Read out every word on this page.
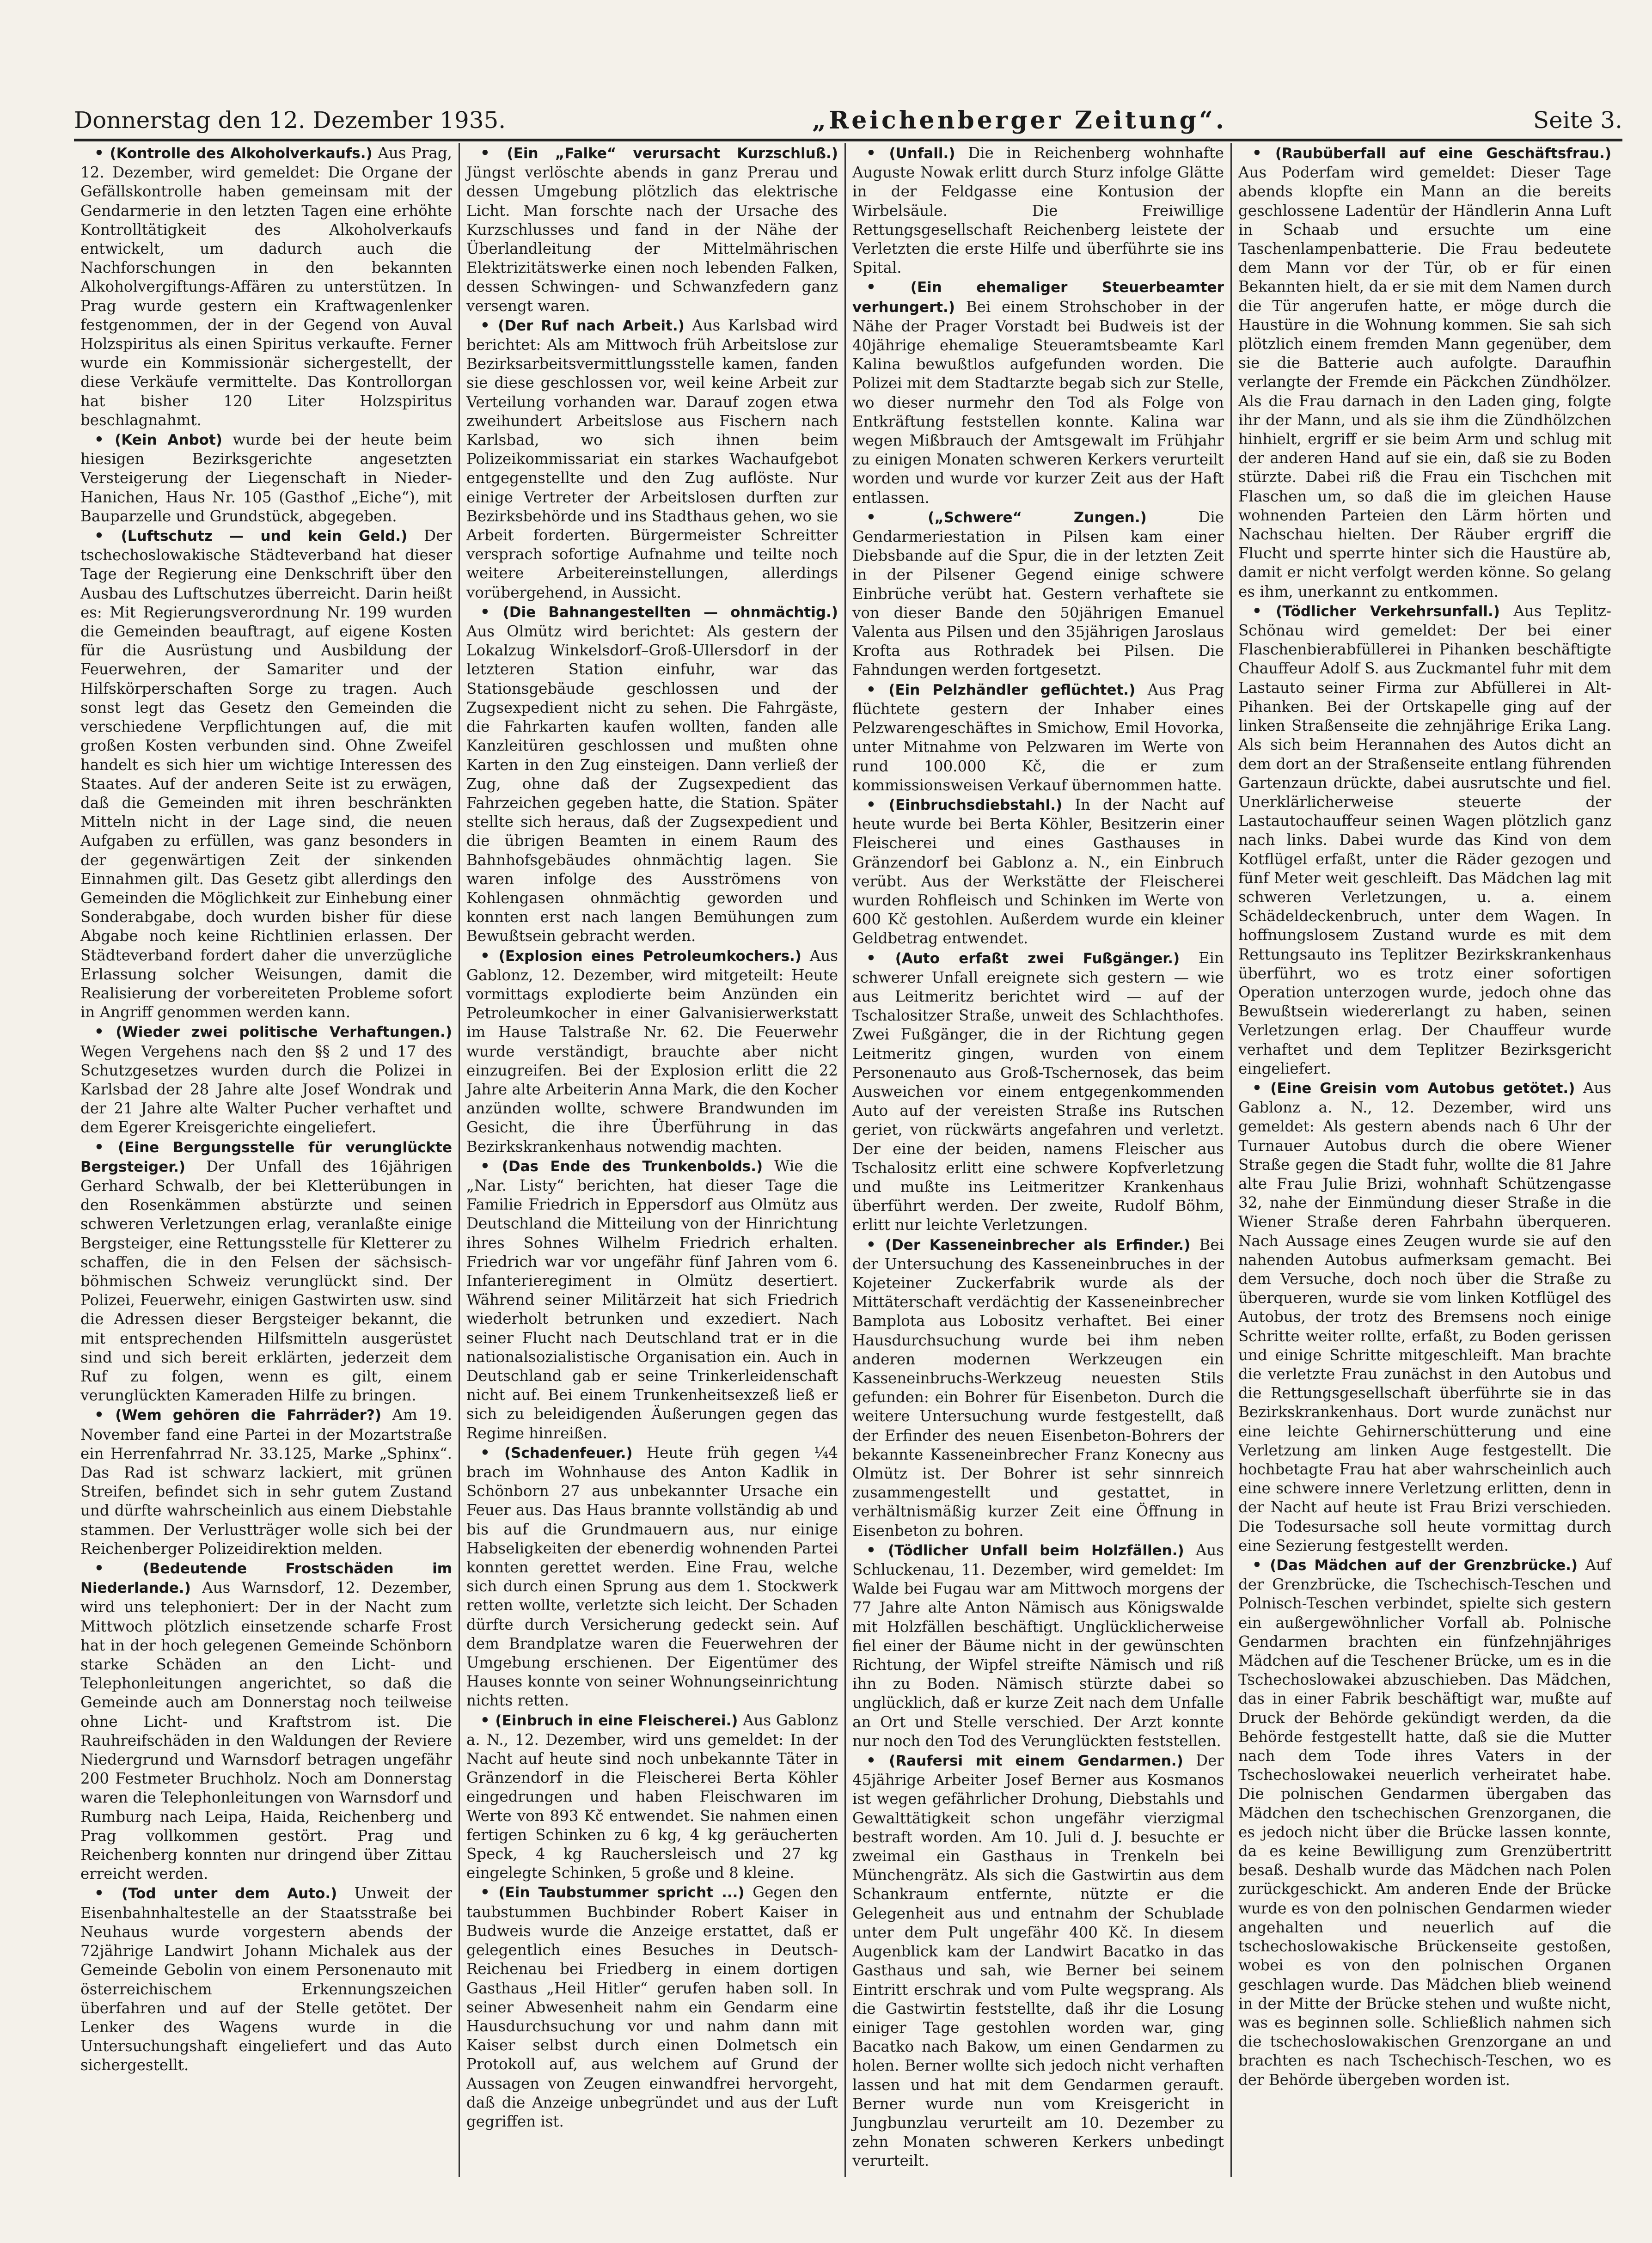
Donnerstag den 12. Dezember 1935.	„Reichenberger Zeitung“.	Seite 3.

• (Kontrolle des Alkoholverkaufs.) Aus Prag, 12. Dezember, wird gemeldet: Die Organe der Gefällskontrolle haben gemeinsam mit der Gendarmerie in den letzten Tagen eine erhöhte Kontrolltätigkeit des Alkoholverkaufs entwickelt, um dadurch auch die Nachforschungen in den bekannten Alkoholvergiftungs-Affären zu unterstützen. In Prag wurde gestern ein Kraftwagenlenker festgenommen, der in der Gegend von Auval Holzspiritus als einen Spiritus verkaufte. Ferner wurde ein Kommissionär sichergestellt, der diese Verkäufe vermittelte. Das Kontrollorgan hat bisher 120 Liter Holzspiritus beschlagnahmt.

• (Kein Anbot) wurde bei der heute beim hiesigen Bezirksgerichte angesetzten Versteigerung der Liegenschaft in Nieder-Hanichen, Haus Nr. 105 (Gasthof „Eiche“), mit Bauparzelle und Grundstück, abgegeben.

• (Luftschutz — und kein Geld.) Der tschechoslowakische Städteverband hat dieser Tage der Regierung eine Denkschrift über den Ausbau des Luftschutzes überreicht. Darin heißt es: Mit Regierungsverordnung Nr. 199 wurden die Gemeinden beauftragt, auf eigene Kosten für die Ausrüstung und Ausbildung der Feuerwehren, der Samariter und der Hilfskörperschaften Sorge zu tragen. Auch sonst legt das Gesetz den Gemeinden die verschiedene Verpflichtungen auf, die mit großen Kosten verbunden sind. Ohne Zweifel handelt es sich hier um wichtige Interessen des Staates. Auf der anderen Seite ist zu erwägen, daß die Gemeinden mit ihren beschränkten Mitteln nicht in der Lage sind, die neuen Aufgaben zu erfüllen, was ganz besonders in der gegenwärtigen Zeit der sinkenden Einnahmen gilt. Das Gesetz gibt allerdings den Gemeinden die Möglichkeit zur Einhebung einer Sonderabgabe, doch wurden bisher für diese Abgabe noch keine Richtlinien erlassen. Der Städteverband fordert daher die unverzügliche Erlassung solcher Weisungen, damit die Realisierung der vorbereiteten Probleme sofort in Angriff genommen werden kann.

• (Wieder zwei politische Verhaftungen.) Wegen Vergehens nach den §§ 2 und 17 des Schutzgesetzes wurden durch die Polizei in Karlsbad der 28 Jahre alte Josef Wondrak und der 21 Jahre alte Walter Pucher verhaftet und dem Egerer Kreisgerichte eingeliefert.

• (Eine Bergungsstelle für verunglückte Bergsteiger.) Der Unfall des 16jährigen Gerhard Schwalb, der bei Kletterübungen in den Rosenkämmen abstürzte und seinen schweren Verletzungen erlag, veranlaßte einige Bergsteiger, eine Rettungsstelle für Kletterer zu schaffen, die in den Felsen der sächsisch-böhmischen Schweiz verunglückt sind. Der Polizei, Feuerwehr, einigen Gastwirten usw. sind die Adressen dieser Bergsteiger bekannt, die mit entsprechenden Hilfsmitteln ausgerüstet sind und sich bereit erklärten, jederzeit dem Ruf zu folgen, wenn es gilt, einem verunglückten Kameraden Hilfe zu bringen.

• (Wem gehören die Fahrräder?) Am 19. November fand eine Partei in der Mozartstraße ein Herrenfahrrad Nr. 33.125, Marke „Sphinx“. Das Rad ist schwarz lackiert, mit grünen Streifen, befindet sich in sehr gutem Zustand und dürfte wahrscheinlich aus einem Diebstahle stammen. Der Verlustträger wolle sich bei der Reichenberger Polizeidirektion melden.

• (Bedeutende Frostschäden im Niederlande.) Aus Warnsdorf, 12. Dezember, wird uns telephoniert: Der in der Nacht zum Mittwoch plötzlich einsetzende scharfe Frost hat in der hoch gelegenen Gemeinde Schönborn starke Schäden an den Licht- und Telephonleitungen angerichtet, so daß die Gemeinde auch am Donnerstag noch teilweise ohne Licht- und Kraftstrom ist. Die Rauhreifschäden in den Waldungen der Reviere Niedergrund und Warnsdorf betragen ungefähr 200 Festmeter Bruchholz. Noch am Donnerstag waren die Telephonleitungen von Warnsdorf und Rumburg nach Leipa, Haida, Reichenberg und Prag vollkommen gestört. Prag und Reichenberg konnten nur dringend über Zittau erreicht werden.

• (Tod unter dem Auto.) Unweit der Eisenbahnhaltestelle an der Staatsstraße bei Neuhaus wurde vorgestern abends der 72jährige Landwirt Johann Michalek aus der Gemeinde Gebolin von einem Personenauto mit österreichischem Erkennungszeichen überfahren und auf der Stelle getötet. Der Lenker des Wagens wurde in die Untersuchungshaft eingeliefert und das Auto sichergestellt.

• (Ein „Falke“ verursacht Kurzschluß.) Jüngst verlöschte abends in ganz Prerau und dessen Umgebung plötzlich das elektrische Licht. Man forschte nach der Ursache des Kurzschlusses und fand in der Nähe der Überlandleitung der Mittelmährischen Elektrizitätswerke einen noch lebenden Falken, dessen Schwingen- und Schwanzfedern ganz versengt waren.

• (Der Ruf nach Arbeit.) Aus Karlsbad wird berichtet: Als am Mittwoch früh Arbeitslose zur Bezirksarbeitsvermittlungsstelle kamen, fanden sie diese geschlossen vor, weil keine Arbeit zur Verteilung vorhanden war. Darauf zogen etwa zweihundert Arbeitslose aus Fischern nach Karlsbad, wo sich ihnen beim Polizeikommissariat ein starkes Wachaufgebot entgegenstellte und den Zug auflöste. Nur einige Vertreter der Arbeitslosen durften zur Bezirksbehörde und ins Stadthaus gehen, wo sie Arbeit forderten. Bürgermeister Schreitter versprach sofortige Aufnahme und teilte noch weitere Arbeitereinstellungen, allerdings vorübergehend, in Aussicht.

• (Die Bahnangestellten — ohnmächtig.) Aus Olmütz wird berichtet: Als gestern der Lokalzug Winkelsdorf–Groß-Ullersdorf in der letzteren Station einfuhr, war das Stationsgebäude geschlossen und der Zugsexpedient nicht zu sehen. Die Fahrgäste, die Fahrkarten kaufen wollten, fanden alle Kanzleitüren geschlossen und mußten ohne Karten in den Zug einsteigen. Dann verließ der Zug, ohne daß der Zugsexpedient das Fahrzeichen gegeben hatte, die Station. Später stellte sich heraus, daß der Zugsexpedient und die übrigen Beamten in einem Raum des Bahnhofsgebäudes ohnmächtig lagen. Sie waren infolge des Ausströmens von Kohlengasen ohnmächtig geworden und konnten erst nach langen Bemühungen zum Bewußtsein gebracht werden.

• (Explosion eines Petroleumkochers.) Aus Gablonz, 12. Dezember, wird mitgeteilt: Heute vormittags explodierte beim Anzünden ein Petroleumkocher in einer Galvanisierwerkstatt im Hause Talstraße Nr. 62. Die Feuerwehr wurde verständigt, brauchte aber nicht einzugreifen. Bei der Explosion erlitt die 22 Jahre alte Arbeiterin Anna Mark, die den Kocher anzünden wollte, schwere Brandwunden im Gesicht, die ihre Überführung in das Bezirkskrankenhaus notwendig machten.

• (Das Ende des Trunkenbolds.) Wie die „Nar. Listy“ berichten, hat dieser Tage die Familie Friedrich in Eppersdorf aus Olmütz aus Deutschland die Mitteilung von der Hinrichtung ihres Sohnes Wilhelm Friedrich erhalten. Friedrich war vor ungefähr fünf Jahren vom 6. Infanterieregiment in Olmütz desertiert. Während seiner Militärzeit hat sich Friedrich wiederholt betrunken und exzediert. Nach seiner Flucht nach Deutschland trat er in die nationalsozialistische Organisation ein. Auch in Deutschland gab er seine Trinkerleidenschaft nicht auf. Bei einem Trunkenheitsexzeß ließ er sich zu beleidigenden Äußerungen gegen das Regime hinreißen.

• (Schadenfeuer.) Heute früh gegen ¼4 brach im Wohnhause des Anton Kadlik in Schönborn 27 aus unbekannter Ursache ein Feuer aus. Das Haus brannte vollständig ab und bis auf die Grundmauern aus, nur einige Habseligkeiten der ebenerdig wohnenden Partei konnten gerettet werden. Eine Frau, welche sich durch einen Sprung aus dem 1. Stockwerk retten wollte, verletzte sich leicht. Der Schaden dürfte durch Versicherung gedeckt sein. Auf dem Brandplatze waren die Feuerwehren der Umgebung erschienen. Der Eigentümer des Hauses konnte von seiner Wohnungseinrichtung nichts retten.

• (Einbruch in eine Fleischerei.) Aus Gablonz a. N., 12. Dezember, wird uns gemeldet: In der Nacht auf heute sind noch unbekannte Täter in Gränzendorf in die Fleischerei Berta Köhler eingedrungen und haben Fleischwaren im Werte von 893 Kč entwendet. Sie nahmen einen fertigen Schinken zu 6 kg, 4 kg geräucherten Speck, 4 kg Rauchersleisch und 27 kg eingelegte Schinken, 5 große und 8 kleine.

• (Ein Taubstummer spricht ...) Gegen den taubstummen Buchbinder Robert Kaiser in Budweis wurde die Anzeige erstattet, daß er gelegentlich eines Besuches in Deutsch-Reichenau bei Friedberg in einem dortigen Gasthaus „Heil Hitler“ gerufen haben soll. In seiner Abwesenheit nahm ein Gendarm eine Hausdurchsuchung vor und nahm dann mit Kaiser selbst durch einen Dolmetsch ein Protokoll auf, aus welchem auf Grund der Aussagen von Zeugen einwandfrei hervorgeht, daß die Anzeige unbegründet und aus der Luft gegriffen ist.

• (Unfall.) Die in Reichenberg wohnhafte Auguste Nowak erlitt durch Sturz infolge Glätte in der Feldgasse eine Kontusion der Wirbelsäule. Die Freiwillige Rettungsgesellschaft Reichenberg leistete der Verletzten die erste Hilfe und überführte sie ins Spital.

• (Ein ehemaliger Steuerbeamter verhungert.) Bei einem Strohschober in der Nähe der Prager Vorstadt bei Budweis ist der 40jährige ehemalige Steueramtsbeamte Karl Kalina bewußtlos aufgefunden worden. Die Polizei mit dem Stadtarzte begab sich zur Stelle, wo dieser nurmehr den Tod als Folge von Entkräftung feststellen konnte. Kalina war wegen Mißbrauch der Amtsgewalt im Frühjahr zu einigen Monaten schweren Kerkers verurteilt worden und wurde vor kurzer Zeit aus der Haft entlassen.

• („Schwere“ Zungen.)	Die Gendarmeriestation in Pilsen kam einer Diebsbande auf die Spur, die in der letzten Zeit in der Pilsener Gegend einige schwere Einbrüche verübt hat. Gestern verhaftete sie von dieser Bande den 50jährigen Emanuel Valenta aus Pilsen und den 35jährigen Jaroslaus Krofta aus Rothradek bei Pilsen. Die Fahndungen werden fortgesetzt.

• (Ein Pelzhändler geflüchtet.) Aus Prag flüchtete gestern der Inhaber eines Pelzwarengeschäftes in Smichow, Emil Hovorka, unter Mitnahme von Pelzwaren im Werte von rund 100.000 Kč, die er zum kommissionsweisen Verkauf übernommen hatte.

• (Einbruchsdiebstahl.) In der Nacht auf heute wurde bei Berta Köhler, Besitzerin einer Fleischerei und eines Gasthauses in Gränzendorf bei Gablonz a. N., ein Einbruch verübt. Aus der Werkstätte der Fleischerei wurden Rohfleisch und Schinken im Werte von 600 Kč gestohlen. Außerdem wurde ein kleiner Geldbetrag entwendet.

• (Auto erfaßt zwei Fußgänger.) Ein schwerer Unfall ereignete sich gestern — wie aus Leitmeritz berichtet wird — auf der Tschalositzer Straße, unweit des Schlachthofes. Zwei Fußgänger, die in der Richtung gegen Leitmeritz gingen, wurden von einem Personenauto aus Groß-Tschernosek, das beim Ausweichen vor einem entgegenkommenden Auto auf der vereisten Straße ins Rutschen geriet, von rückwärts angefahren und verletzt. Der eine der beiden, namens Fleischer aus Tschalositz erlitt eine schwere Kopfverletzung und mußte ins Leitmeritzer Krankenhaus überführt werden. Der zweite, Rudolf Böhm, erlitt nur leichte Verletzungen.

• (Der Kasseneinbrecher als Erfinder.) Bei der Untersuchung des Kasseneinbruches in der Kojeteiner Zuckerfabrik wurde als der Mittäterschaft verdächtig der Kasseneinbrecher Bamplota aus Lobositz verhaftet. Bei einer Hausdurchsuchung wurde bei ihm neben anderen modernen Werkzeugen ein Kasseneinbruchs-Werkzeug neuesten Stils gefunden: ein Bohrer für Eisenbeton. Durch die weitere Untersuchung wurde festgestellt, daß der Erfinder des neuen Eisenbeton-Bohrers der bekannte Kasseneinbrecher Franz Konecny aus Olmütz ist. Der Bohrer ist sehr sinnreich zusammengestellt und gestattet, in verhältnismäßig kurzer Zeit eine Öffnung in Eisenbeton zu bohren.

• (Tödlicher Unfall beim Holzfällen.) Aus Schluckenau, 11. Dezember, wird gemeldet: Im Walde bei Fugau war am Mittwoch morgens der 77 Jahre alte Anton Nämisch aus Königswalde mit Holzfällen beschäftigt. Unglücklicherweise fiel einer der Bäume nicht in der gewünschten Richtung, der Wipfel streifte Nämisch und riß ihn zu Boden. Nämisch stürzte dabei so unglücklich, daß er kurze Zeit nach dem Unfalle an Ort und Stelle verschied. Der Arzt konnte nur noch den Tod des Verunglückten feststellen.

• (Raufersi mit einem Gendarmen.) Der 45jährige Arbeiter Josef Berner aus Kosmanos ist wegen gefährlicher Drohung, Diebstahls und Gewalttätigkeit schon ungefähr vierzigmal bestraft worden. Am 10. Juli d. J. besuchte er zweimal ein Gasthaus in Trenkeln bei Münchengrätz. Als sich die Gastwirtin aus dem Schankraum entfernte, nützte er die Gelegenheit aus und entnahm der Schublade unter dem Pult ungefähr 400 Kč. In diesem Augenblick kam der Landwirt Bacatko in das Gasthaus und sah, wie Berner bei seinem Eintritt erschrak und vom Pulte wegsprang. Als die Gastwirtin feststellte, daß ihr die Losung einiger Tage gestohlen worden war, ging Bacatko nach Bakow, um einen Gendarmen zu holen. Berner wollte sich jedoch nicht verhaften lassen und hat mit dem Gendarmen gerauft. Berner wurde nun vom Kreisgericht in Jungbunzlau verurteilt am 10. Dezember zu zehn Monaten schweren Kerkers unbedingt verurteilt.

• (Raubüberfall auf eine Geschäftsfrau.) Aus Poderfam wird gemeldet: Dieser Tage abends klopfte ein Mann an die bereits geschlossene Ladentür der Händlerin Anna Luft in Schaab und ersuchte um eine Taschenlampenbatterie. Die Frau bedeutete dem Mann vor der Tür, ob er für einen Bekannten hielt, da er sie mit dem Namen durch die Tür angerufen hatte, er möge durch die Haustüre in die Wohnung kommen. Sie sah sich plötzlich einem fremden Mann gegenüber, dem sie die Batterie auch aufolgte. Daraufhin verlangte der Fremde ein Päckchen Zündhölzer. Als die Frau darnach in den Laden ging, folgte ihr der Mann, und als sie ihm die Zündhölzchen hinhielt, ergriff er sie beim Arm und schlug mit der anderen Hand auf sie ein, daß sie zu Boden stürzte. Dabei riß die Frau ein Tischchen mit Flaschen um, so daß die im gleichen Hause wohnenden Parteien den Lärm hörten und Nachschau hielten. Der Räuber ergriff die Flucht und sperrte hinter sich die Haustüre ab, damit er nicht verfolgt werden könne. So gelang es ihm, unerkannt zu entkommen.

• (Tödlicher Verkehrsunfall.) Aus Teplitz-Schönau wird gemeldet: Der bei einer Flaschenbierabfüllerei in Pihanken beschäftigte Chauffeur Adolf S. aus Zuckmantel fuhr mit dem Lastauto seiner Firma zur Abfüllerei in Alt-Pihanken. Bei der Ortskapelle ging auf der linken Straßenseite die zehnjährige Erika Lang. Als sich beim Herannahen des Autos dicht an dem dort an der Straßenseite entlang führenden Gartenzaun drückte, dabei ausrutschte und fiel. Unerklärlicherweise steuerte der Lastautochauffeur seinen Wagen plötzlich ganz nach links. Dabei wurde das Kind von dem Kotflügel erfaßt, unter die Räder gezogen und fünf Meter weit geschleift. Das Mädchen lag mit schweren Verletzungen, u. a. einem Schädeldeckenbruch, unter dem Wagen. In hoffnungslosem Zustand wurde es mit dem Rettungsauto ins Teplitzer Bezirkskrankenhaus überführt, wo es trotz einer sofortigen Operation unterzogen wurde, jedoch ohne das Bewußtsein wiedererlangt zu haben, seinen Verletzungen erlag. Der Chauffeur wurde verhaftet und dem Teplitzer Bezirksgericht eingeliefert.

• (Eine Greisin vom Autobus getötet.) Aus Gablonz a. N., 12. Dezember, wird uns gemeldet: Als gestern abends nach 6 Uhr der Turnauer Autobus durch die obere Wiener Straße gegen die Stadt fuhr, wollte die 81 Jahre alte Frau Julie Brizi, wohnhaft Schützengasse 32, nahe der Einmündung dieser Straße in die Wiener Straße deren Fahrbahn überqueren. Nach Aussage eines Zeugen wurde sie auf den nahenden Autobus aufmerksam gemacht. Bei dem Versuche, doch noch über die Straße zu überqueren, wurde sie vom linken Kotflügel des Autobus, der trotz des Bremsens noch einige Schritte weiter rollte, erfaßt, zu Boden gerissen und einige Schritte mitgeschleift. Man brachte die verletzte Frau zunächst in den Autobus und die Rettungsgesellschaft überführte sie in das Bezirkskrankenhaus. Dort wurde zunächst nur eine leichte Gehirnerschütterung und eine Verletzung am linken Auge festgestellt. Die hochbetagte Frau hat aber wahrscheinlich auch eine schwere innere Verletzung erlitten, denn in der Nacht auf heute ist Frau Brizi verschieden. Die Todesursache soll heute vormittag durch eine Sezierung festgestellt werden.

• (Das Mädchen auf der Grenzbrücke.) Auf der Grenzbrücke, die Tschechisch-Teschen und Polnisch-Teschen verbindet, spielte sich gestern ein außergewöhnlicher Vorfall ab. Polnische Gendarmen brachten ein fünfzehnjähriges Mädchen auf die Teschener Brücke, um es in die Tschechoslowakei abzuschieben. Das Mädchen, das in einer Fabrik beschäftigt war, mußte auf Druck der Behörde gekündigt werden, da die Behörde festgestellt hatte, daß sie die Mutter nach dem Tode ihres Vaters in der Tschechoslowakei neuerlich verheiratet habe. Die polnischen Gendarmen übergaben das Mädchen den tschechischen Grenzorganen, die es jedoch nicht über die Brücke lassen konnte, da es keine Bewilligung zum Grenzübertritt besaß. Deshalb wurde das Mädchen nach Polen zurückgeschickt. Am anderen Ende der Brücke wurde es von den polnischen Gendarmen wieder angehalten und neuerlich auf die tschechoslowakische Brückenseite gestoßen, wobei es von den polnischen Organen geschlagen wurde. Das Mädchen blieb weinend in der Mitte der Brücke stehen und wußte nicht, was es beginnen solle. Schließlich nahmen sich die tschechoslowakischen Grenzorgane an und brachten es nach Tschechisch-Teschen, wo es der Behörde übergeben worden ist.
